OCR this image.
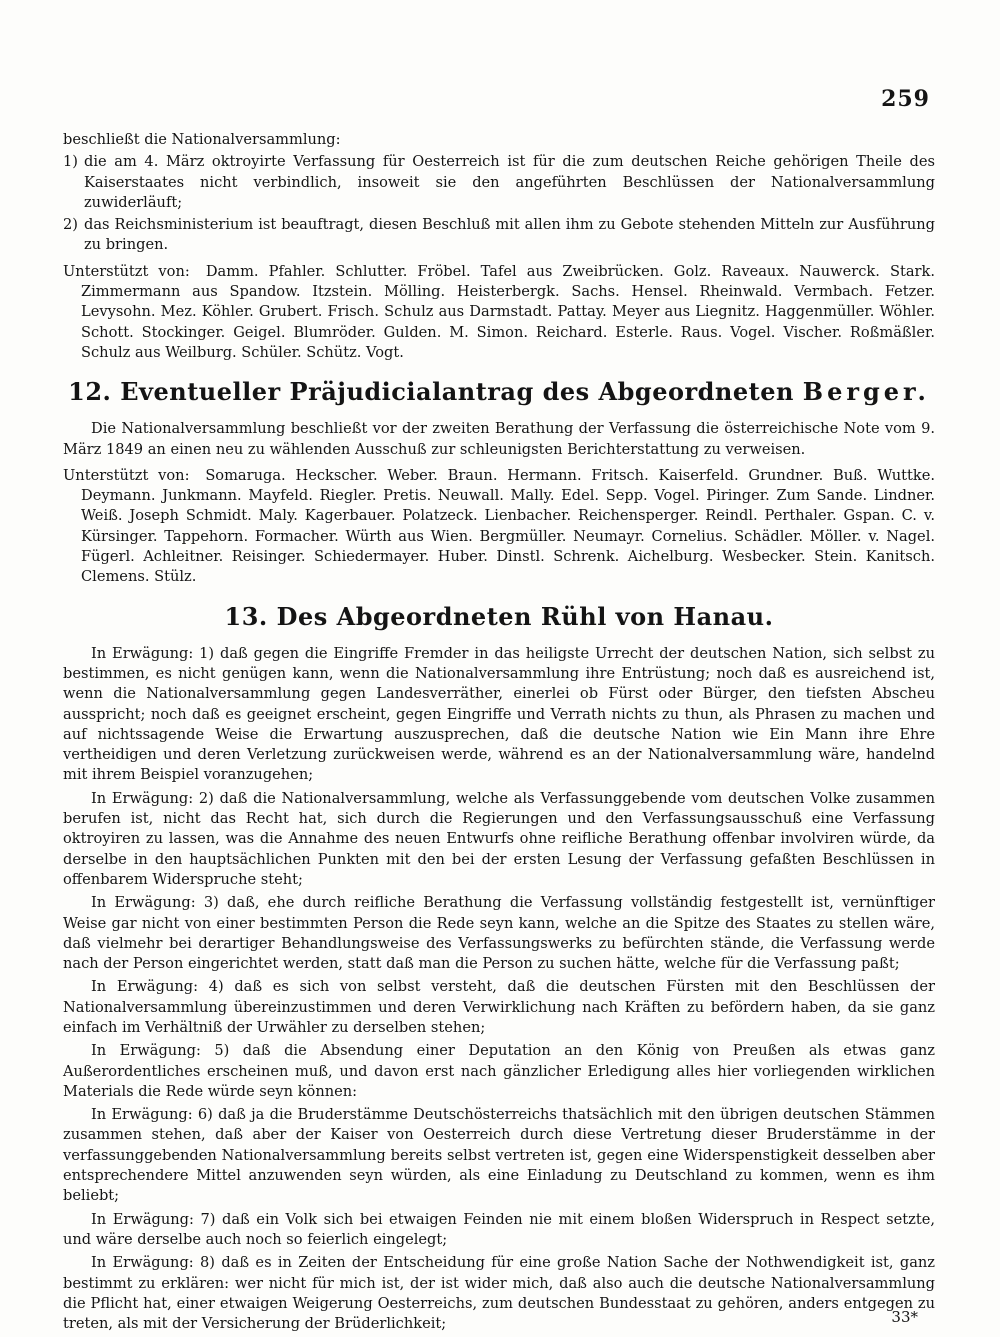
259

beschließt die Nationalversammlung:

1) die am 4. März oktroyirte Verfassung für Oesterreich ist für die zum deutschen Reiche gehörigen Theile des Kaiserstaates nicht verbindlich, insoweit sie den angeführten Beschlüssen der Nationalversammlung zuwiderläuft;
2) das Reichsministerium ist beauftragt, diesen Beschluß mit allen ihm zu Gebote stehenden Mitteln zur Ausführung zu bringen.

Unterstützt von: Damm. Pfahler. Schlutter. Fröbel. Tafel aus Zweibrücken. Golz. Raveaux. Nauwerck. Stark. Zimmermann aus Spandow. Itzstein. Mölling. Heisterbergk. Sachs. Hensel. Rheinwald. Vermbach. Fetzer. Levysohn. Mez. Köhler. Grubert. Frisch. Schulz aus Darmstadt. Pattay. Meyer aus Liegnitz. Haggenmüller. Wöhler. Schott. Stockinger. Geigel. Blumröder. Gulden. M. Simon. Reichard. Esterle. Raus. Vogel. Vischer. Roßmäßler. Schulz aus Weilburg. Schüler. Schütz. Vogt.

12. Eventueller Präjudicialantrag des Abgeordneten Berger.

Die Nationalversammlung beschließt vor der zweiten Berathung der Verfassung die österreichische Note vom 9. März 1849 an einen neu zu wählenden Ausschuß zur schleunigsten Berichterstattung zu verweisen.

Unterstützt von: Somaruga. Heckscher. Weber. Braun. Hermann. Fritsch. Kaiserfeld. Grundner. Buß. Wuttke. Deymann. Junkmann. Mayfeld. Riegler. Pretis. Neuwall. Mally. Edel. Sepp. Vogel. Piringer. Zum Sande. Lindner. Weiß. Joseph Schmidt. Maly. Kagerbauer. Polatzeck. Lienbacher. Reichensperger. Reindl. Perthaler. Gspan. C. v. Kürsinger. Tappehorn. Formacher. Würth aus Wien. Bergmüller. Neumayr. Cornelius. Schädler. Möller. v. Nagel. Fügerl. Achleitner. Reisinger. Schiedermayer. Huber. Dinstl. Schrenk. Aichelburg. Wesbecker. Stein. Kanitsch. Clemens. Stülz.

13. Des Abgeordneten Rühl von Hanau.

In Erwägung: 1) daß gegen die Eingriffe Fremder in das heiligste Urrecht der deutschen Nation, sich selbst zu bestimmen, es nicht genügen kann, wenn die Nationalversammlung ihre Entrüstung; noch daß es ausreichend ist, wenn die Nationalversammlung gegen Landesverräther, einerlei ob Fürst oder Bürger, den tiefsten Abscheu ausspricht; noch daß es geeignet erscheint, gegen Eingriffe und Verrath nichts zu thun, als Phrasen zu machen und auf nichtssagende Weise die Erwartung auszusprechen, daß die deutsche Nation wie Ein Mann ihre Ehre vertheidigen und deren Verletzung zurückweisen werde, während es an der Nationalversammlung wäre, handelnd mit ihrem Beispiel voranzugehen;

In Erwägung: 2) daß die Nationalversammlung, welche als Verfassunggebende vom deutschen Volke zusammen berufen ist, nicht das Recht hat, sich durch die Regierungen und den Verfassungsausschuß eine Verfassung oktroyiren zu lassen, was die Annahme des neuen Entwurfs ohne reifliche Berathung offenbar involviren würde, da derselbe in den hauptsächlichen Punkten mit den bei der ersten Lesung der Verfassung gefaßten Beschlüssen in offenbarem Widerspruche steht;

In Erwägung: 3) daß, ehe durch reifliche Berathung die Verfassung vollständig festgestellt ist, vernünftiger Weise gar nicht von einer bestimmten Person die Rede seyn kann, welche an die Spitze des Staates zu stellen wäre, daß vielmehr bei derartiger Behandlungsweise des Verfassungswerks zu befürchten stände, die Verfassung werde nach der Person eingerichtet werden, statt daß man die Person zu suchen hätte, welche für die Verfassung paßt;

In Erwägung: 4) daß es sich von selbst versteht, daß die deutschen Fürsten mit den Beschlüssen der Nationalversammlung übereinzustimmen und deren Verwirklichung nach Kräften zu befördern haben, da sie ganz einfach im Verhältniß der Urwähler zu derselben stehen;

In Erwägung: 5) daß die Absendung einer Deputation an den König von Preußen als etwas ganz Außerordentliches erscheinen muß, und davon erst nach gänzlicher Erledigung alles hier vorliegenden wirklichen Materials die Rede würde seyn können:

In Erwägung: 6) daß ja die Bruderstämme Deutschösterreichs thatsächlich mit den übrigen deutschen Stämmen zusammen stehen, daß aber der Kaiser von Oesterreich durch diese Vertretung dieser Bruderstämme in der verfassunggebenden Nationalversammlung bereits selbst vertreten ist, gegen eine Widerspenstigkeit desselben aber entsprechendere Mittel anzuwenden seyn würden, als eine Einladung zu Deutschland zu kommen, wenn es ihm beliebt;

In Erwägung: 7) daß ein Volk sich bei etwaigen Feinden nie mit einem bloßen Widerspruch in Respect setzte, und wäre derselbe auch noch so feierlich eingelegt;

In Erwägung: 8) daß es in Zeiten der Entscheidung für eine große Nation Sache der Nothwendigkeit ist, ganz bestimmt zu erklären: wer nicht für mich ist, der ist wider mich, daß also auch die deutsche Nationalversammlung die Pflicht hat, einer etwaigen Weigerung Oesterreichs, zum deutschen Bundesstaat zu gehören, anders entgegen zu treten, als mit der Versicherung der Brüderlichkeit;	33*
